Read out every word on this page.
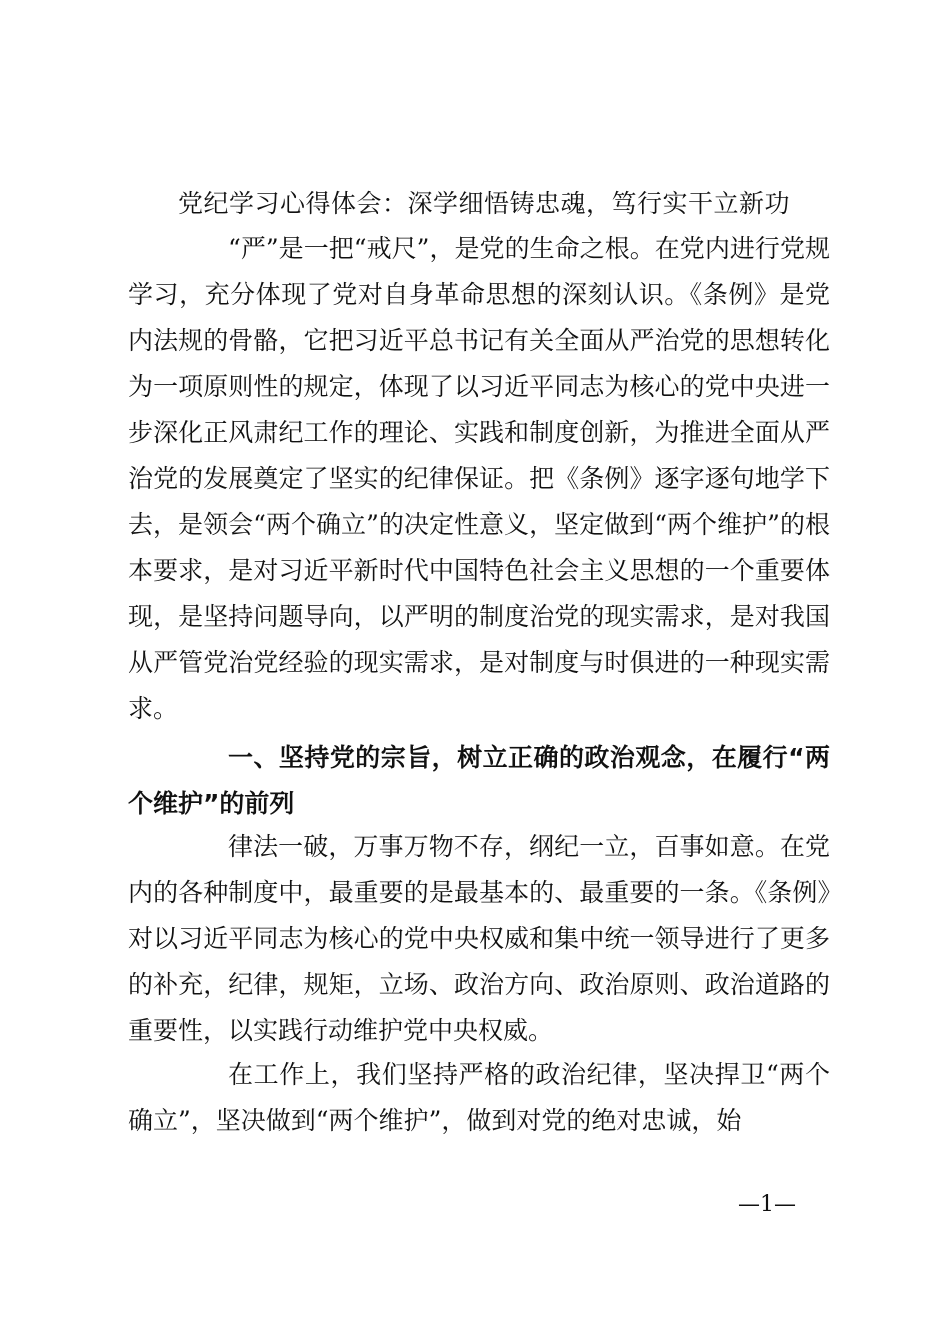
党纪学习心得体会：深学细悟铸忠魂，笃行实干立新功

“严”是一把“戒尺”，是党的生命之根。在党内进行党规学习，充分体现了党对自身革命思想的深刻认识。《条例》是党内法规的骨骼，它把习近平总书记有关全面从严治党的思想转化为一项原则性的规定，体现了以习近平同志为核心的党中央进一步深化正风肃纪工作的理论、实践和制度创新，为推进全面从严治党的发展奠定了坚实的纪律保证。把《条例》逐字逐句地学下去，是领会“两个确立”的决定性意义，坚定做到“两个维护”的根本要求，是对习近平新时代中国特色社会主义思想的一个重要体现，是坚持问题导向，以严明的制度治党的现实需求，是对我国从严管党治党经验的现实需求，是对制度与时俱进的一种现实需求。

一、坚持党的宗旨，树立正确的政治观念，在履行“两个维护”的前列

律法一破，万事万物不存，纲纪一立，百事如意。在党内的各种制度中，最重要的是最基本的、最重要的一条。《条例》对以习近平同志为核心的党中央权威和集中统一领导进行了更多的补充，纪律，规矩，立场、政治方向、政治原则、政治道路的重要性，以实践行动维护党中央权威。

在工作上，我们坚持严格的政治纪律，坚决捍卫“两个确立”，坚决做到“两个维护”，做到对党的绝对忠诚，始

—1—
